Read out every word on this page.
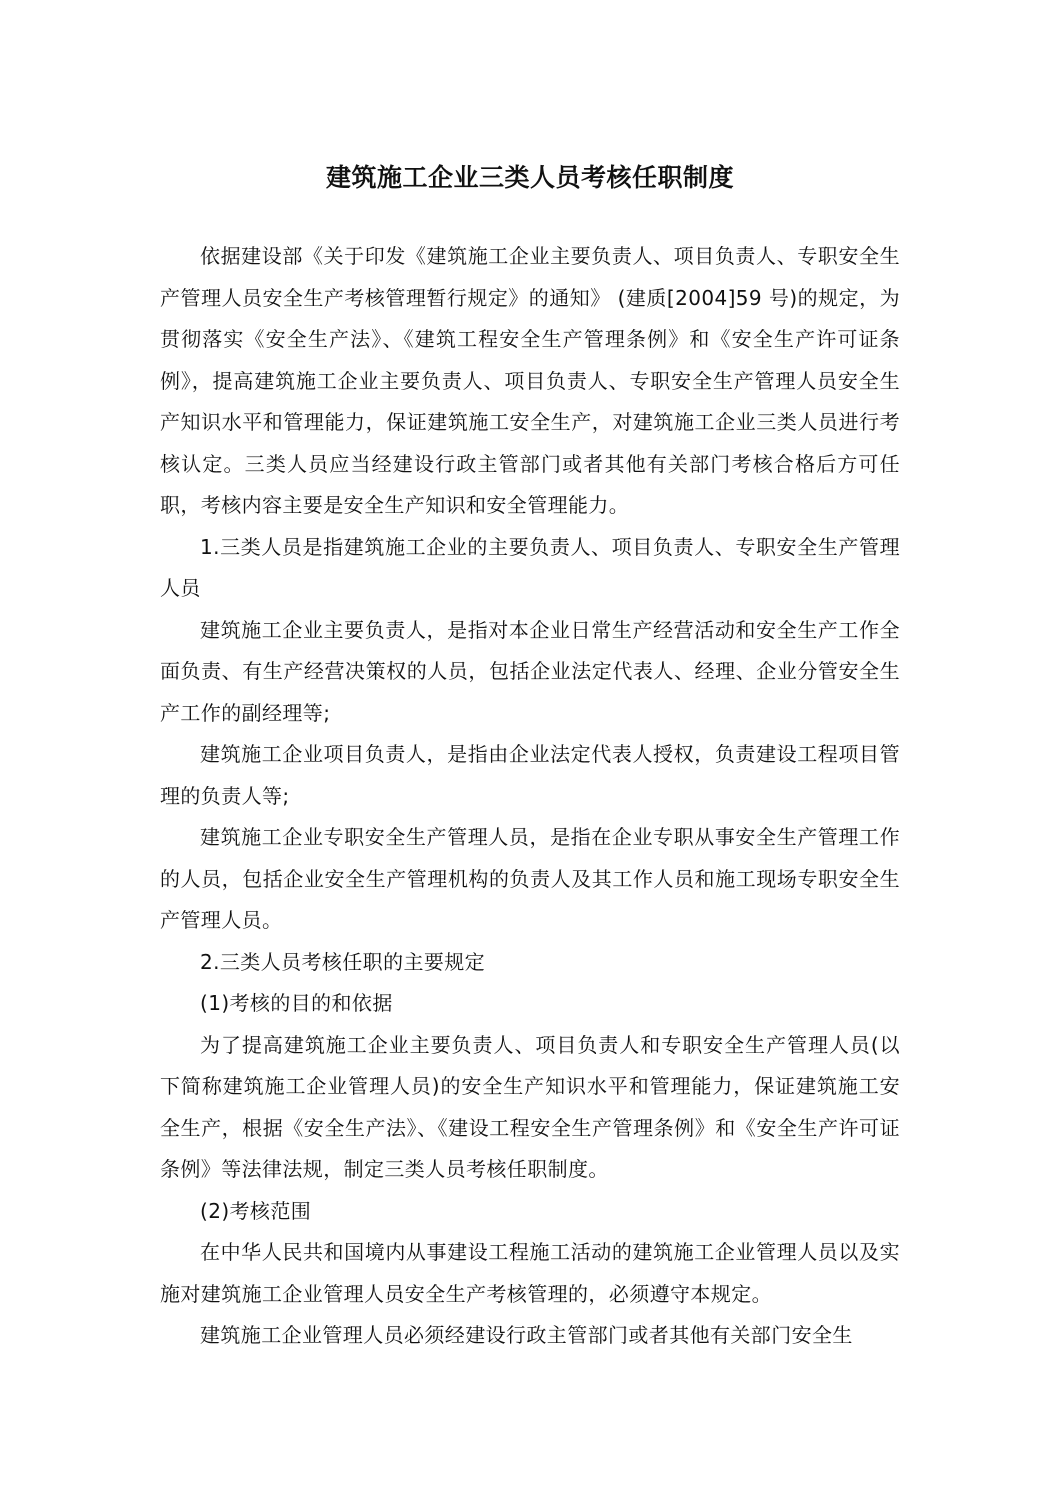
建筑施工企业三类人员考核任职制度

依据建设部《关于印发《建筑施工企业主要负责人、项目负责人、专职安全生产管理人员安全生产考核管理暂行规定》的通知》 (建质[2004]59 号)的规定，为贯彻落实《安全生产法》、《建筑工程安全生产管理条例》和《安全生产许可证条例》，提高建筑施工企业主要负责人、项目负责人、专职安全生产管理人员安全生产知识水平和管理能力，保证建筑施工安全生产，对建筑施工企业三类人员进行考核认定。三类人员应当经建设行政主管部门或者其他有关部门考核合格后方可任职，考核内容主要是安全生产知识和安全管理能力。

1.三类人员是指建筑施工企业的主要负责人、项目负责人、专职安全生产管理人员

建筑施工企业主要负责人，是指对本企业日常生产经营活动和安全生产工作全面负责、有生产经营决策权的人员，包括企业法定代表人、经理、企业分管安全生产工作的副经理等;

建筑施工企业项目负责人，是指由企业法定代表人授权，负责建设工程项目管理的负责人等;

建筑施工企业专职安全生产管理人员，是指在企业专职从事安全生产管理工作的人员，包括企业安全生产管理机构的负责人及其工作人员和施工现场专职安全生产管理人员。

2.三类人员考核任职的主要规定

(1)考核的目的和依据

为了提高建筑施工企业主要负责人、项目负责人和专职安全生产管理人员(以下简称建筑施工企业管理人员)的安全生产知识水平和管理能力，保证建筑施工安全生产，根据《安全生产法》、《建设工程安全生产管理条例》和《安全生产许可证条例》等法律法规，制定三类人员考核任职制度。

(2)考核范围

在中华人民共和国境内从事建设工程施工活动的建筑施工企业管理人员以及实施对建筑施工企业管理人员安全生产考核管理的，必须遵守本规定。

建筑施工企业管理人员必须经建设行政主管部门或者其他有关部门安全生
